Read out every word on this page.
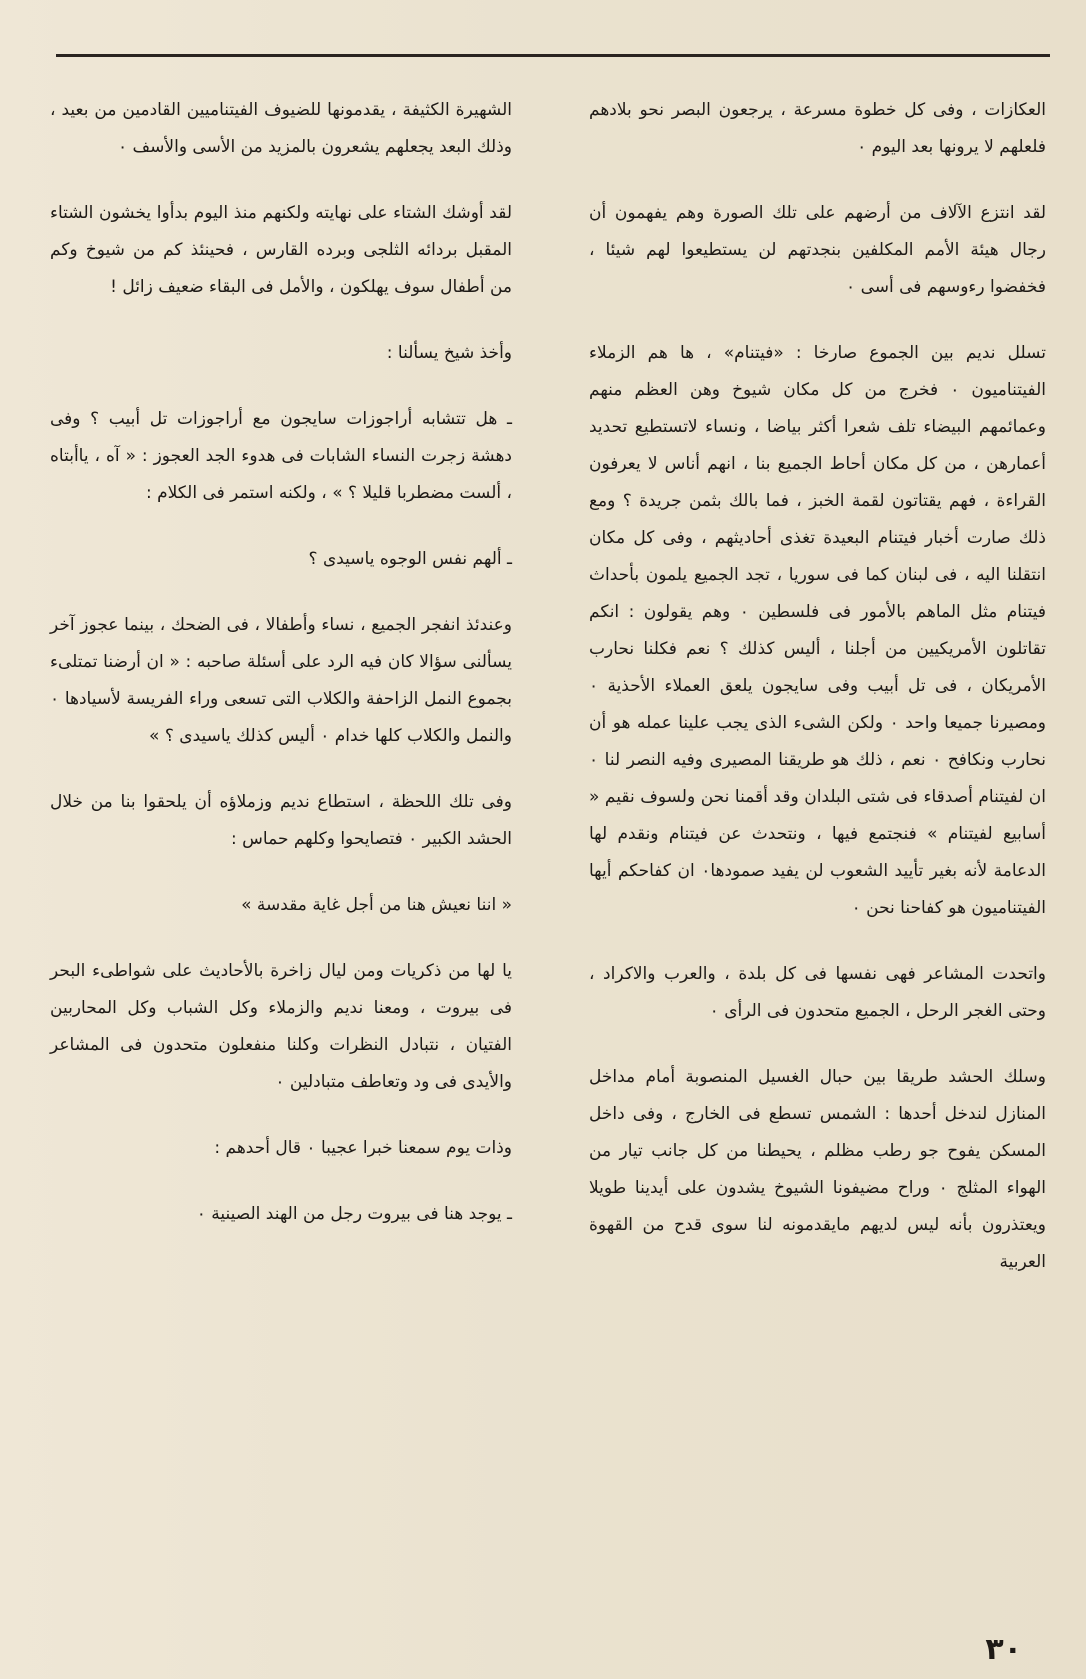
العكازات ، وفى كل خطوة مسرعة ، يرجعون البصر نحو بلادهم فلعلهم لا يرونها بعد اليوم ٠

لقد انتزع الآلاف من أرضهم على تلك الصورة وهم يفهمون أن رجال هيئة الأمم المكلفين بنجدتهم لن يستطيعوا لهم شيئا ، فخفضوا رءوسهم فى أسى ٠

تسلل نديم بين الجموع صارخا : «فيتنام» ، ها هم الزملاء الفيتناميون ٠ فخرج من كل مكان شيوخ وهن العظم منهم وعمائمهم البيضاء تلف شعرا أكثر بياضا ، ونساء لاتستطيع تحديد أعمارهن ، من كل مكان أحاط الجميع بنا ، انهم أناس لا يعرفون القراءة ، فهم يقتاتون لقمة الخبز ، فما بالك بثمن جريدة ؟ ومع ذلك صارت أخبار فيتنام البعيدة تغذى أحاديثهم ، وفى كل مكان انتقلنا اليه ، فى لبنان كما فى سوريا ، تجد الجميع يلمون بأحداث فيتنام مثل الماهم بالأمور فى فلسطين ٠ وهم يقولون : انكم تقاتلون الأمريكيين من أجلنا ، أليس كذلك ؟ نعم فكلنا نحارب الأمريكان ، فى تل أبيب وفى سايجون يلعق العملاء الأحذية ٠ ومصيرنا جميعا واحد ٠ ولكن الشىء الذى يجب علينا عمله هو أن نحارب ونكافح ٠ نعم ، ذلك هو طريقنا المصيرى وفيه النصر لنا ٠ ان لفيتنام أصدقاء فى شتى البلدان وقد أقمنا نحن ولسوف نقيم « أسابيع لفيتنام » فنجتمع فيها ، ونتحدث عن فيتنام ونقدم لها الدعامة لأنه بغير تأييد الشعوب لن يفيد صمودها٠ ان كفاحكم أيها الفيتناميون هو كفاحنا نحن ٠

واتحدت المشاعر فهى نفسها فى كل بلدة ، والعرب والاكراد ، وحتى الغجر الرحل ، الجميع متحدون فى الرأى ٠

وسلك الحشد طريقا بين حبال الغسيل المنصوبة أمام مداخل المنازل لندخل أحدها : الشمس تسطع فى الخارج ، وفى داخل المسكن يفوح جو رطب مظلم ، يحيطنا من كل جانب تيار من الهواء المثلج ٠ وراح مضيفونا الشيوخ يشدون على أيدينا طويلا ويعتذرون بأنه ليس لديهم مايقدمونه لنا سوى قدح من القهوة العربية

الشهيرة الكثيفة ، يقدمونها للضيوف الفيتناميين القادمين من بعيد ، وذلك البعد يجعلهم يشعرون بالمزيد من الأسى والأسف ٠

لقد أوشك الشتاء على نهايته ولكنهم منذ اليوم بدأوا يخشون الشتاء المقبل بردائه الثلجى وبرده القارس ، فحينئذ كم من شيوخ وكم من أطفال سوف يهلكون ، والأمل فى البقاء ضعيف زائل !

وأخذ شيخ يسألنا :

ـ هل تتشابه أراجوزات سايجون مع أراجوزات تل أبيب ؟ وفى دهشة زجرت النساء الشابات فى هدوء الجد العجوز : « آه ، ياأبتاه ، ألست مضطربا قليلا ؟ » ، ولكنه استمر فى الكلام :

ـ ألهم نفس الوجوه ياسيدى ؟

وعندئذ انفجر الجميع ، نساء وأطفالا ، فى الضحك ، بينما عجوز آخر يسألنى سؤالا كان فيه الرد على أسئلة صاحبه : « ان أرضنا تمتلىء بجموع النمل الزاحفة والكلاب التى تسعى وراء الفريسة لأسيادها ٠ والنمل والكلاب كلها خدام ٠ أليس كذلك ياسيدى ؟ »

وفى تلك اللحظة ، استطاع نديم وزملاؤه أن يلحقوا بنا من خلال الحشد الكبير ٠ فتصايحوا وكلهم حماس :

« اننا نعيش هنا من أجل غاية مقدسة »

يا لها من ذكريات ومن ليال زاخرة بالأحاديث على شواطىء البحر فى بيروت ، ومعنا نديم والزملاء وكل الشباب وكل المحاربين الفتيان ، نتبادل النظرات وكلنا منفعلون متحدون فى المشاعر والأيدى فى ود وتعاطف متبادلين ٠

وذات يوم سمعنا خبرا عجيبا ٠ قال أحدهم :

ـ يوجد هنا فى بيروت رجل من الهند الصينية ٠

٣٠
